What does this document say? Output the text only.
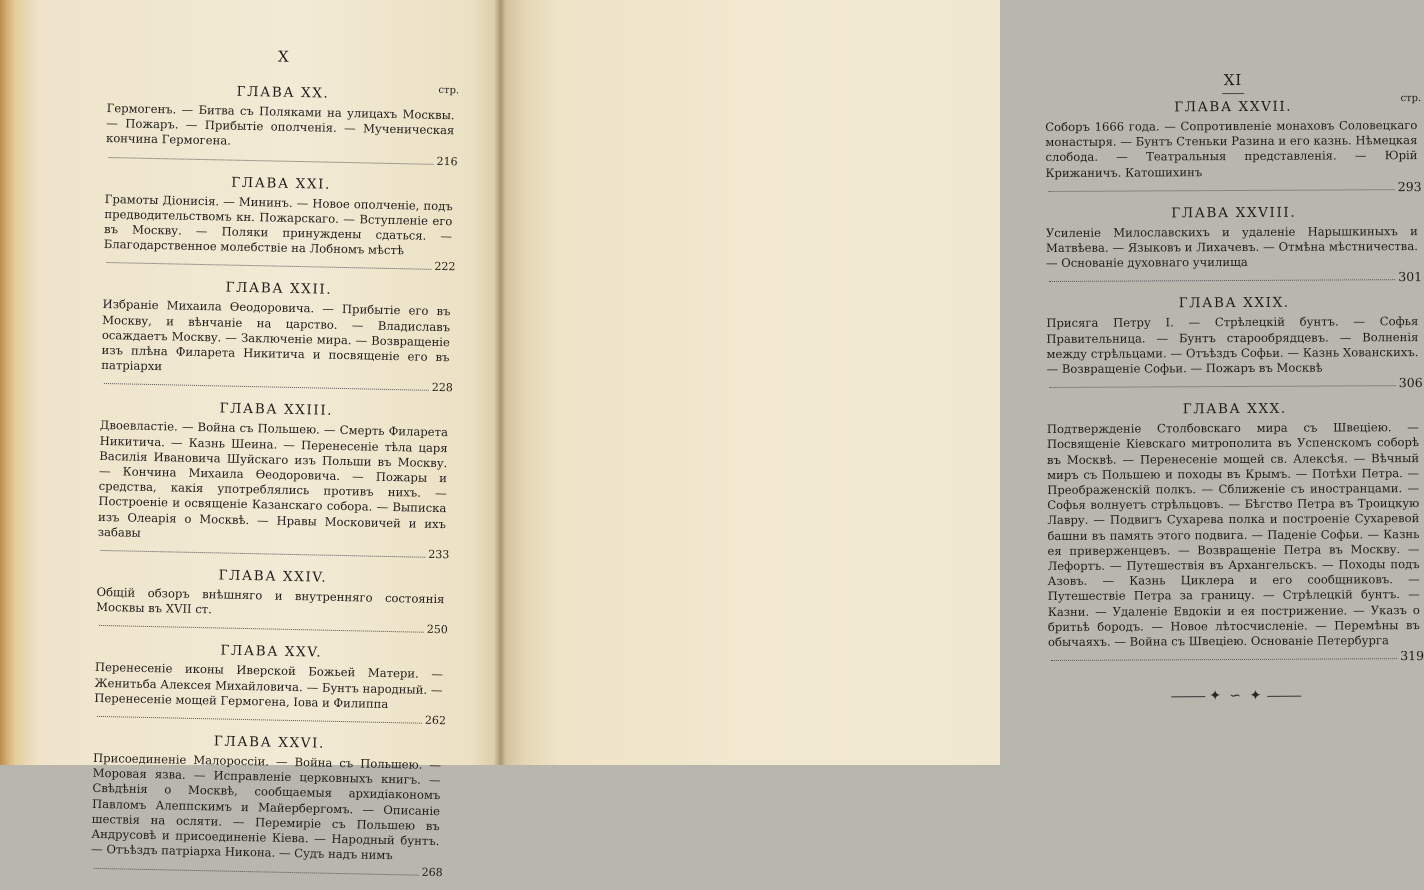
X
стр.
ГЛАВА XX.
Гермогенъ. — Битва съ Поляками на улицахъ Москвы. — Пожаръ. — Прибытіе ополченія. — Мученическая кончина Гермогена.
216
ГЛАВА XXI.
Грамоты Діонисія. — Мининъ. — Новое ополченіе, подъ предводительствомъ кн. Пожарскаго. — Вступленіе его въ Москву. — Поляки принуждены сдаться. — Благодарственное молебствіе на Лобномъ мѣстѣ
222
ГЛАВА XXII.
Избраніе Михаила Ѳеодоровича. — Прибытіе его въ Москву, и вѣнчаніе на царство. — Владиславъ осаждаетъ Москву. — Заключеніе мира. — Возвращеніе изъ плѣна Филарета Никитича и посвященіе его въ патріархи
228
ГЛАВА XXIII.
Двоевластіе. — Война съ Польшею. — Смерть Филарета Никитича. — Казнь Шеина. — Перенесеніе тѣла царя Василія Ивановича Шуйскаго изъ Польши въ Москву. — Кончина Михаила Ѳеодоровича. — Пожары и средства, какія употреблялись противъ нихъ. — Построеніе и освященіе Казанскаго собора. — Выписка изъ Олеарія о Москвѣ. — Нравы Московичей и ихъ забавы
233
ГЛАВА XXIV.
Общій обзоръ внѣшняго и внутренняго состоянія Москвы въ XVII ст.
250
ГЛАВА XXV.
Перенесеніе иконы Иверской Божьей Матери. — Женитьба Алексея Михайловича. — Бунтъ народный. — Перенесеніе мощей Гермогена, Іова и Филиппа
262
ГЛАВА XXVI.
Присоединеніе Малороссіи. — Война съ Польшею. — Моровая язва. — Исправленіе церковныхъ книгъ. — Свѣдѣнія о Москвѣ, сообщаемыя архидіакономъ Павломъ Алеппскимъ и Майербергомъ. — Описаніе шествія на осляти. — Перемиріе съ Польшею въ Андрусовѣ и присоединеніе Кіева. — Народный бунтъ. — Отъѣздъ патріарха Никона. — Судъ надъ нимъ
268
XI
стр.
ГЛАВА XXVII.
Соборъ 1666 года. — Сопротивленіе монаховъ Соловецкаго монастыря. — Бунтъ Стеньки Разина и его казнь. Нѣмецкая слобода. — Театральныя представленія. — Юрій Крижаничъ. Катошихинъ
293
ГЛАВА XXVIII.
Усиленіе Милославскихъ и удаленіе Нарышкиныхъ и Матвѣева. — Языковъ и Лихачевъ. — Отмѣна мѣстничества. — Основаніе духовнаго училища
301
ГЛАВА XXIX.
Присяга Петру I. — Стрѣлецкій бунтъ. — Софья Правительница. — Бунтъ старообрядцевъ. — Волненія между стрѣльцами. — Отъѣздъ Софьи. — Казнь Хованскихъ. — Возвращеніе Софьи. — Пожаръ въ Москвѣ
306
ГЛАВА XXX.
Подтвержденіе Столбовскаго мира съ Швеціею. — Посвященіе Кіевскаго митрополита въ Успенскомъ соборѣ въ Москвѣ. — Перенесеніе мощей св. Алексѣя. — Вѣчный миръ съ Польшею и походы въ Крымъ. — Потѣхи Петра. — Преображенскій полкъ. — Сближеніе съ иностранцами. — Софья волнуетъ стрѣльцовъ. — Бѣгство Петра въ Троицкую Лавру. — Подвигъ Сухарева полка и построеніе Сухаревой башни въ память этого подвига. — Паденіе Софьи. — Казнь ея приверженцевъ. — Возвращеніе Петра въ Москву. — Лефортъ. — Путешествія въ Архангельскъ. — Походы подъ Азовъ. — Казнь Циклера и его сообщниковъ. — Путешествіе Петра за границу. — Стрѣлецкій бунтъ. — Казни. — Удаленіе Евдокіи и ея пострижение. — Указъ о бритьѣ бородъ. — Новое лѣтосчисленіе. — Перемѣны въ обычаяхъ. — Война съ Швеціею. Основаніе Петербурга
319
✦ ∽ ✦
